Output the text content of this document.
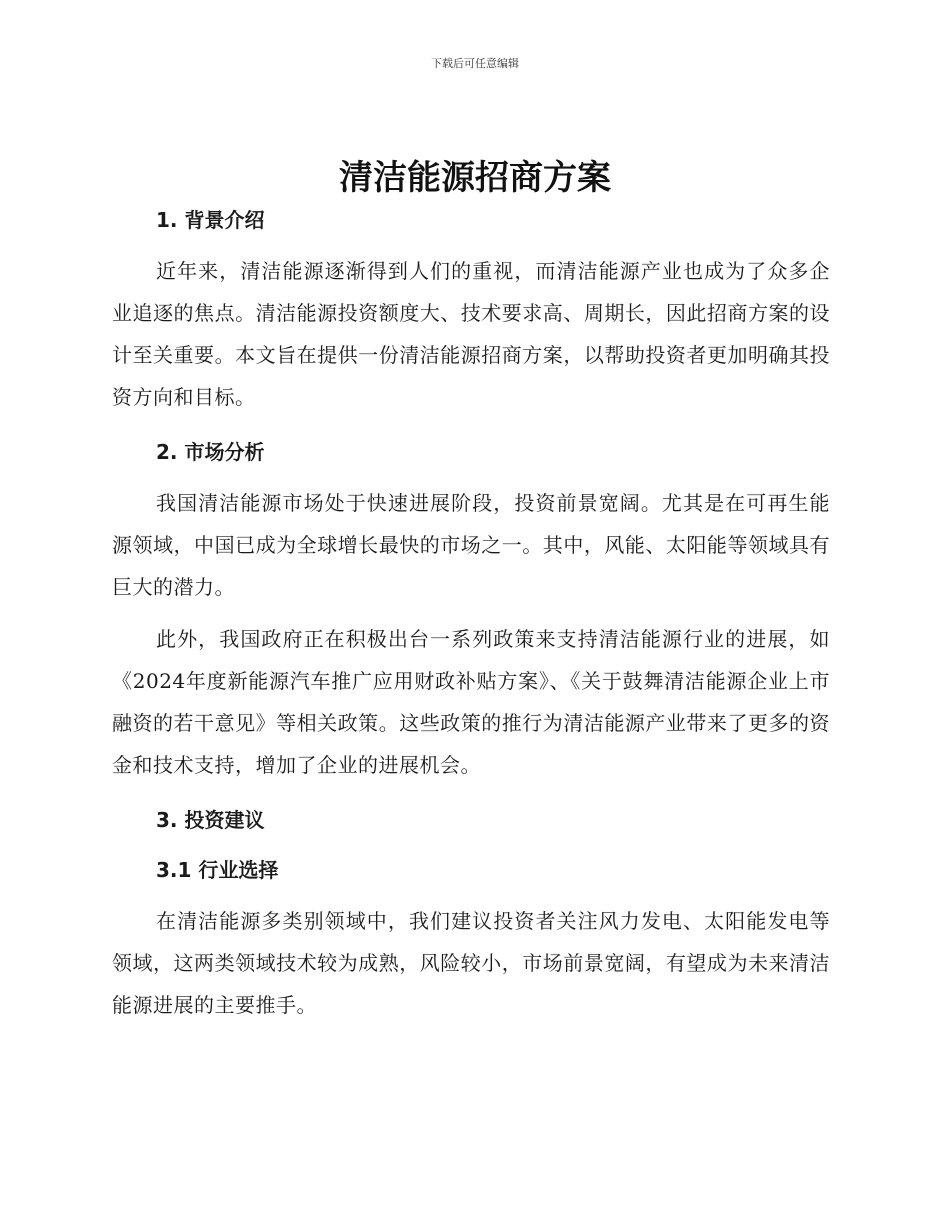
下载后可任意编辑
清洁能源招商方案
1. 背景介绍

近年来，清洁能源逐渐得到人们的重视，而清洁能源产业也成为了众多企业追逐的焦点。清洁能源投资额度大、技术要求高、周期长，因此招商方案的设计至关重要。本文旨在提供一份清洁能源招商方案，以帮助投资者更加明确其投资方向和目标。

2. 市场分析

我国清洁能源市场处于快速进展阶段，投资前景宽阔。尤其是在可再生能源领域，中国已成为全球增长最快的市场之一。其中，风能、太阳能等领域具有巨大的潜力。

此外，我国政府正在积极出台一系列政策来支持清洁能源行业的进展，如《2024年度新能源汽车推广应用财政补贴方案》、《关于鼓舞清洁能源企业上市融资的若干意见》等相关政策。这些政策的推行为清洁能源产业带来了更多的资金和技术支持，增加了企业的进展机会。

3. 投资建议
3.1 行业选择

在清洁能源多类别领域中，我们建议投资者关注风力发电、太阳能发电等领域，这两类领域技术较为成熟，风险较小，市场前景宽阔，有望成为未来清洁能源进展的主要推手。
